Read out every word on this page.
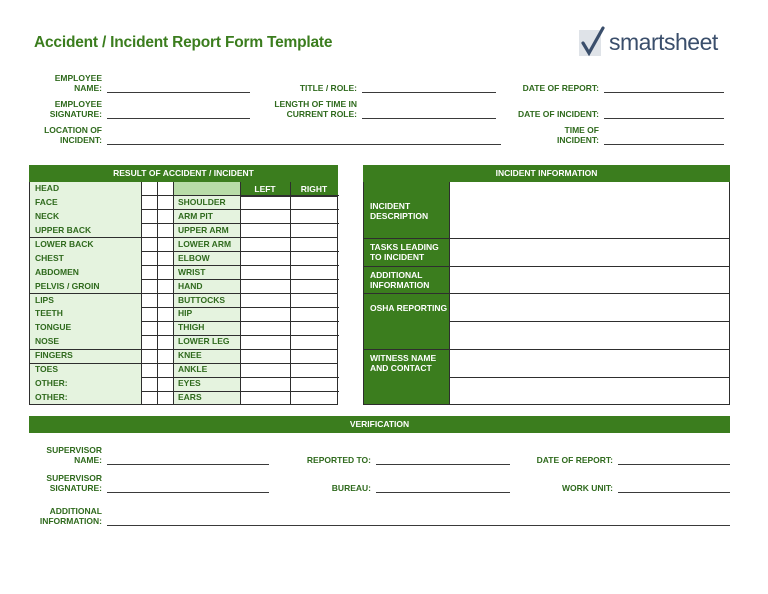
Accident / Incident Report Form Template	smartsheet
EMPLOYEE NAME:	TITLE / ROLE:	DATE OF REPORT:
EMPLOYEE SIGNATURE:
LENGTH OF TIME IN CURRENT ROLE:	DATE OF INCIDENT:
LOCATION OF INCIDENT:
TIME OF INCIDENT:
RESULT OF ACCIDENT / INCIDENT
LEFT	RIGHT
HEAD
FACE	SHOULDER
NECK	ARM PIT
UPPER BACK	UPPER ARM
LOWER BACK	LOWER ARM
CHEST	ELBOW
ABDOMEN	WRIST
PELVIS / GROIN	HAND
LIPS	BUTTOCKS
TEETH	HIP
TONGUE	THIGH
NOSE	LOWER LEG
FINGERS	KNEE
TOES	ANKLE
OTHER:	EYES
OTHER:	EARS
INCIDENT INFORMATION
INCIDENT DESCRIPTION
TASKS LEADING TO INCIDENT
ADDITIONAL INFORMATION
OSHA REPORTING
WITNESS NAME AND CONTACT
VERIFICATION
SUPERVISOR NAME:	REPORTED TO:	DATE OF REPORT:
SUPERVISOR SIGNATURE:	BUREAU:	WORK UNIT:
ADDITIONAL INFORMATION:
